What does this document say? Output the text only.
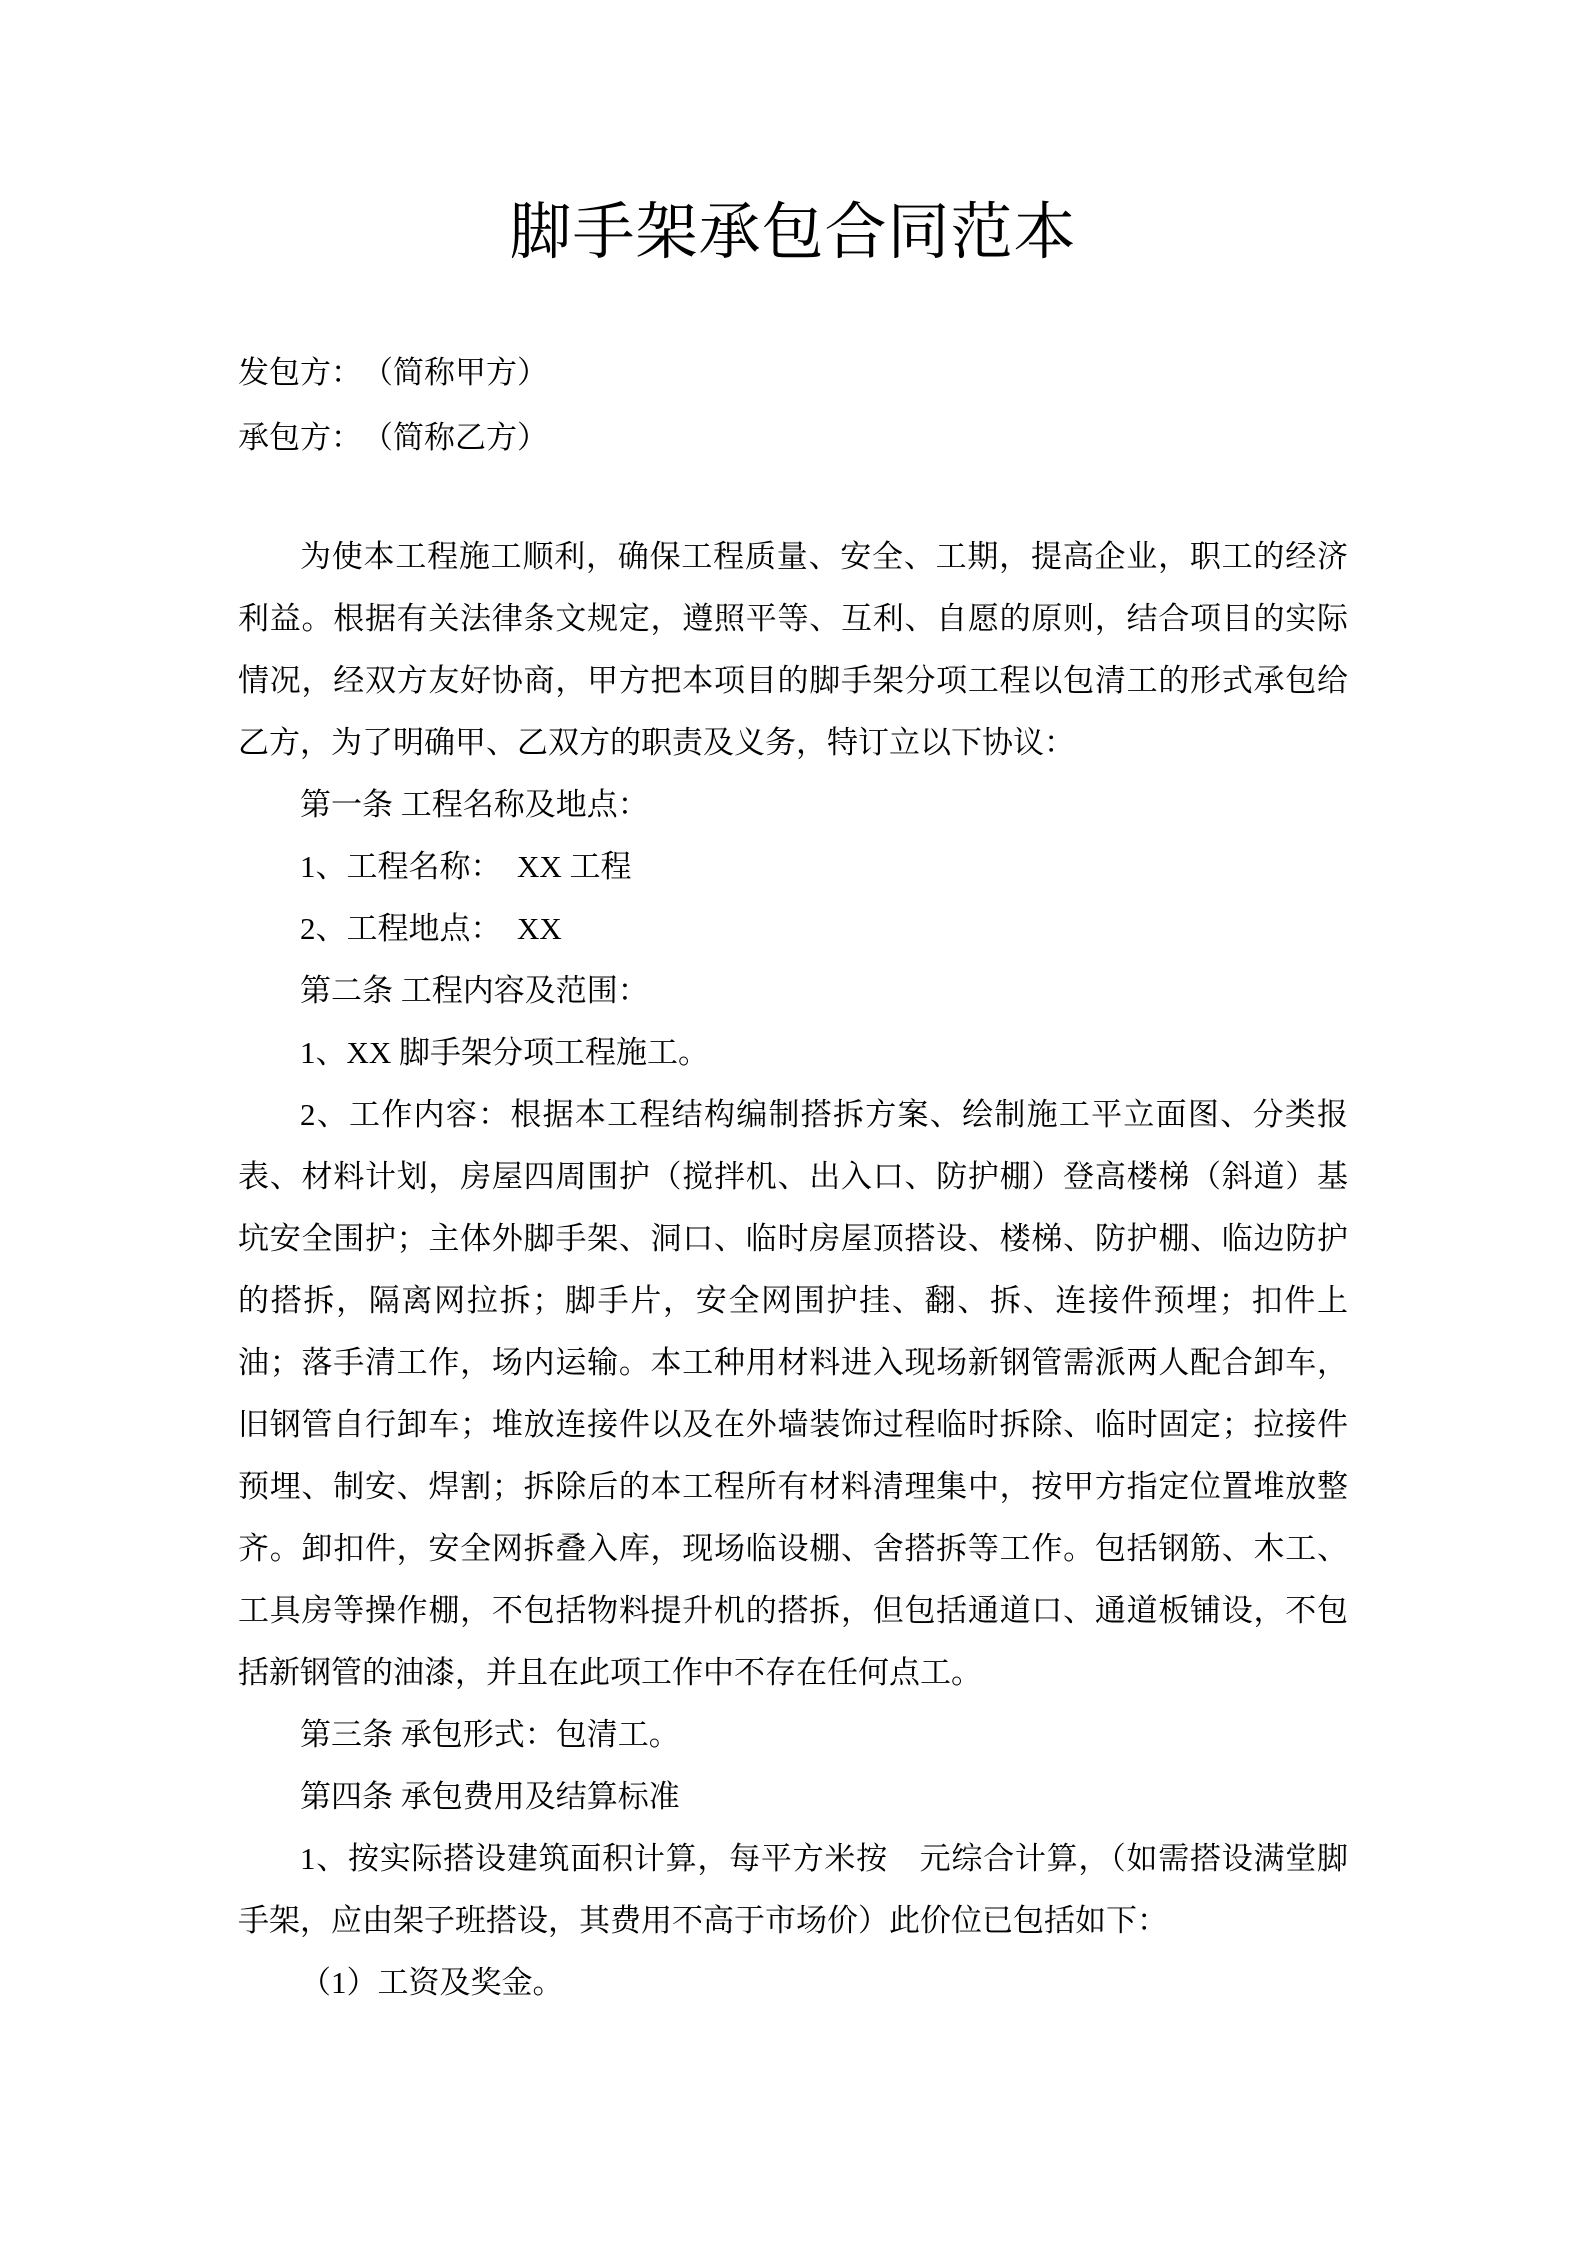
脚手架承包合同范本

发包方：　（简称甲方）

承包方：　（简称乙方）

为使本工程施工顺利，确保工程质量、安全、工期，提高企业，职工的经济利益。根据有关法律条文规定，遵照平等、互利、自愿的原则，结合项目的实际情况，经双方友好协商，甲方把本项目的脚手架分项工程以包清工的形式承包给乙方，为了明确甲、乙双方的职责及义务，特订立以下协议：

第一条 工程名称及地点：

1、工程名称：　XX 工程

2、工程地点：　XX

第二条 工程内容及范围：

1、XX 脚手架分项工程施工。

2、工作内容：根据本工程结构编制搭拆方案、绘制施工平立面图、分类报表、材料计划，房屋四周围护（搅拌机、出入口、防护棚）登高楼梯（斜道）基坑安全围护；主体外脚手架、洞口、临时房屋顶搭设、楼梯、防护棚、临边防护的搭拆，隔离网拉拆；脚手片，安全网围护挂、翻、拆、连接件预埋；扣件上油；落手清工作，场内运输。本工种用材料进入现场新钢管需派两人配合卸车，旧钢管自行卸车；堆放连接件以及在外墙装饰过程临时拆除、临时固定；拉接件预埋、制安、焊割；拆除后的本工程所有材料清理集中，按甲方指定位置堆放整齐。卸扣件，安全网拆叠入库，现场临设棚、舍搭拆等工作。包括钢筋、木工、工具房等操作棚，不包括物料提升机的搭拆，但包括通道口、通道板铺设，不包括新钢管的油漆，并且在此项工作中不存在任何点工。

第三条 承包形式：包清工。

第四条 承包费用及结算标准

1、按实际搭设建筑面积计算，每平方米按　元综合计算，（如需搭设满堂脚手架，应由架子班搭设，其费用不高于市场价）此价位已包括如下：

（1）工资及奖金。
